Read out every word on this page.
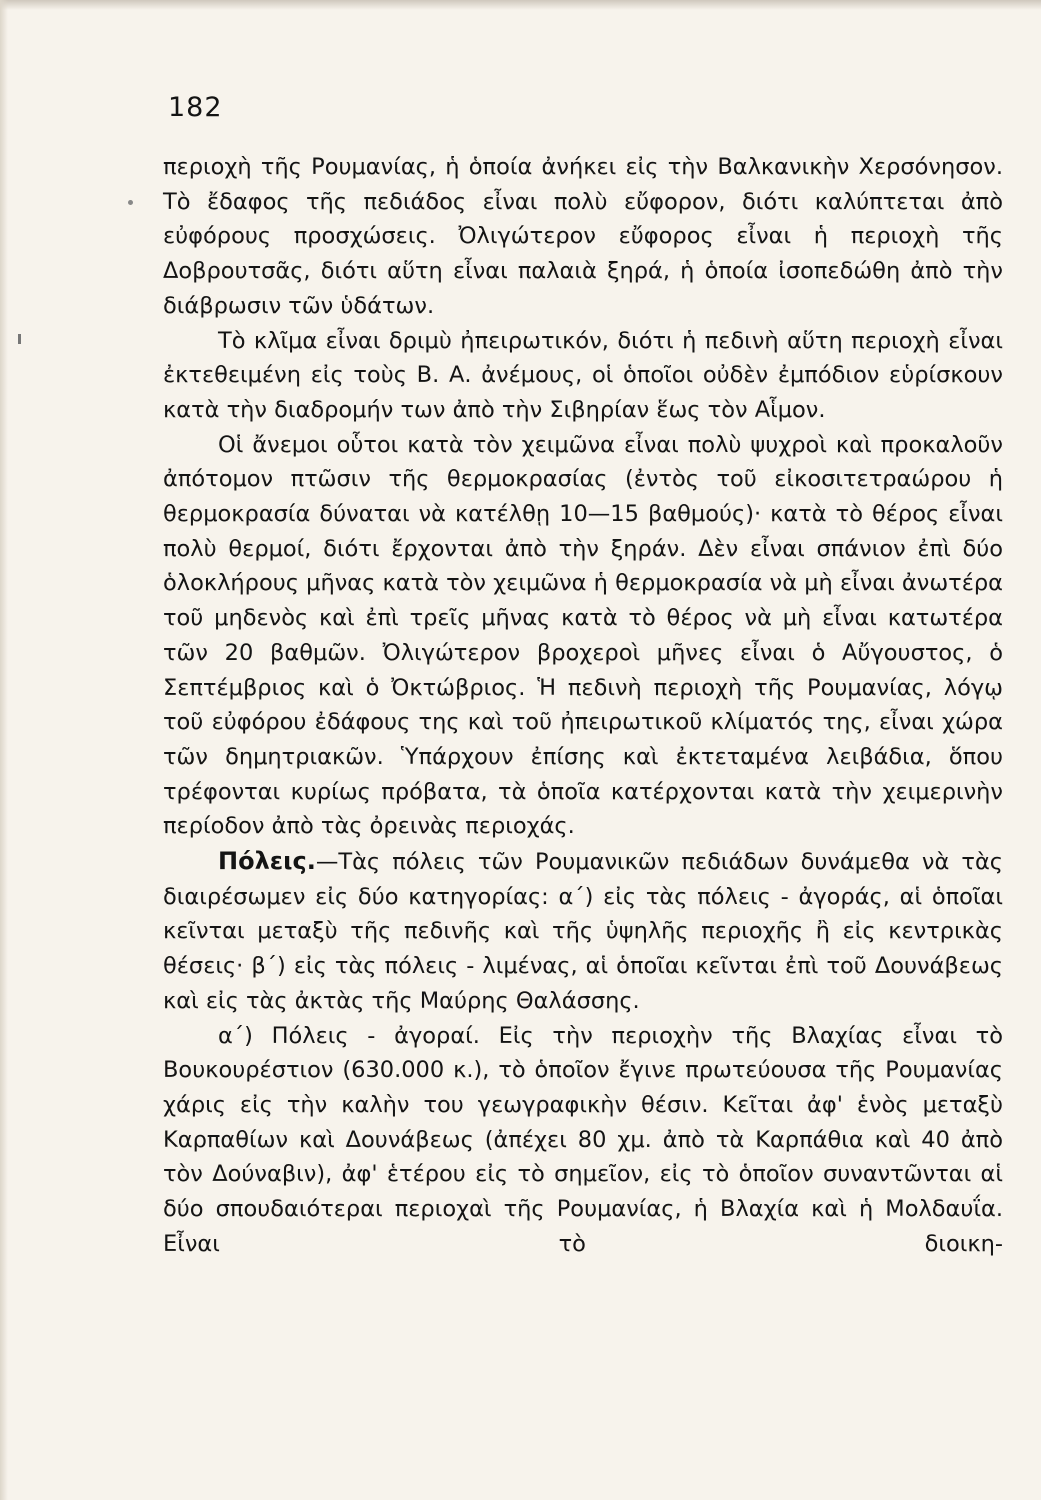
182

περιοχὴ τῆς Ρουμανίας, ἡ ὁποία ἀνήκει εἰς τὴν Βαλκανικὴν Χερσόνησον. Τὸ ἔδαφος τῆς πεδιάδος εἶναι πολὺ εὔφορον, διότι καλύπτεται ἀπὸ εὐφόρους προσχώσεις. Ὀλιγώτερον εὔφορος εἶναι ἡ περιοχὴ τῆς Δοβρουτσᾶς, διότι αὕτη εἶναι παλαιὰ ξηρά, ἡ ὁποία ἰσοπεδώθη ἀπὸ τὴν διάβρωσιν τῶν ὑδάτων.

Τὸ κλῖμα εἶναι δριμὺ ἠπειρωτικόν, διότι ἡ πεδινὴ αὕτη περιοχὴ εἶναι ἐκτεθειμένη εἰς τοὺς Β. Α. ἀνέμους, οἱ ὁποῖοι οὐδὲν ἐμπόδιον εὑρίσκουν κατὰ τὴν διαδρομήν των ἀπὸ τὴν Σιβηρίαν ἕως τὸν Αἷμον.

Οἱ ἄνεμοι οὗτοι κατὰ τὸν χειμῶνα εἶναι πολὺ ψυχροὶ καὶ προκαλοῦν ἀπότομον πτῶσιν τῆς θερμοκρασίας (ἐντὸς τοῦ εἰκοσιτετραώρου ἡ θερμοκρασία δύναται νὰ κατέλθῃ 10—15 βαθμούς)· κατὰ τὸ θέρος εἶναι πολὺ θερμοί, διότι ἔρχονται ἀπὸ τὴν ξηράν. Δὲν εἶναι σπάνιον ἐπὶ δύο ὁλοκλήρους μῆνας κατὰ τὸν χειμῶνα ἡ θερμοκρασία νὰ μὴ εἶναι ἀνωτέρα τοῦ μηδενὸς καὶ ἐπὶ τρεῖς μῆνας κατὰ τὸ θέρος νὰ μὴ εἶναι κατωτέρα τῶν 20 βαθμῶν. Ὀλιγώτερον βροχεροὶ μῆνες εἶναι ὁ Αὔγουστος, ὁ Σεπτέμβριος καὶ ὁ Ὀκτώβριος. Ἡ πεδινὴ περιοχὴ τῆς Ρουμανίας, λόγῳ τοῦ εὐφόρου ἐδάφους της καὶ τοῦ ἠπειρωτικοῦ κλίματός της, εἶναι χώρα τῶν δημητριακῶν. Ὑπάρχουν ἐπίσης καὶ ἐκτεταμένα λειβάδια, ὅπου τρέφονται κυρίως πρόβατα, τὰ ὁποῖα κατέρχονται κατὰ τὴν χειμερινὴν περίοδον ἀπὸ τὰς ὀρεινὰς περιοχάς.

Πόλεις.—Τὰς πόλεις τῶν Ρουμανικῶν πεδιάδων δυνάμεθα νὰ τὰς διαιρέσωμεν εἰς δύο κατηγορίας: α΄) εἰς τὰς πόλεις - ἀγοράς, αἱ ὁποῖαι κεῖνται μεταξὺ τῆς πεδινῆς καὶ τῆς ὑψηλῆς περιοχῆς ἢ εἰς κεντρικὰς θέσεις· β΄) εἰς τὰς πόλεις - λιμένας, αἱ ὁποῖαι κεῖνται ἐπὶ τοῦ Δουνάβεως καὶ εἰς τὰς ἀκτὰς τῆς Μαύρης Θαλάσσης.

α΄) Πόλεις - ἀγοραί. Εἰς τὴν περιοχὴν τῆς Βλαχίας εἶναι τὸ Βουκουρέστιον (630.000 κ.), τὸ ὁποῖον ἔγινε πρωτεύουσα τῆς Ρουμανίας χάρις εἰς τὴν καλὴν του γεωγραφικὴν θέσιν. Κεῖται ἀφ' ἑνὸς μεταξὺ Καρπαθίων καὶ Δουνάβεως (ἀπέχει 80 χμ. ἀπὸ τὰ Καρπάθια καὶ 40 ἀπὸ τὸν Δούναβιν), ἀφ' ἑτέρου εἰς τὸ σημεῖον, εἰς τὸ ὁποῖον συναντῶνται αἱ δύο σπουδαιότεραι περιοχαὶ τῆς Ρουμανίας, ἡ Βλαχία καὶ ἡ Μολδαυΐα. Εἶναι τὸ διοικη-
